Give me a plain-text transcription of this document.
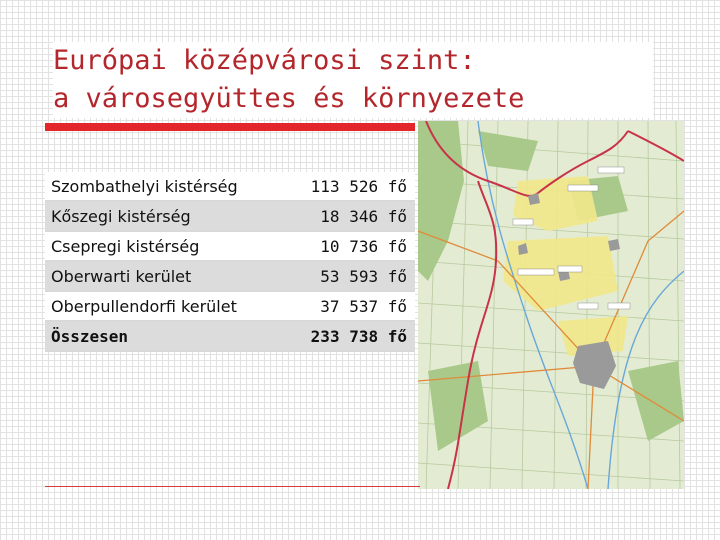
Európai középvárosi szint:
a városegyüttes és környezete
Szombathelyi kistérség	113 526 fő
Kőszegi kistérség	18 346 fő
Csepregi kistérség	10 736 fő
Oberwarti kerület	53 593 fő
Oberpullendorfi kerület	37 537 fő
Összesen	233 738 fő
